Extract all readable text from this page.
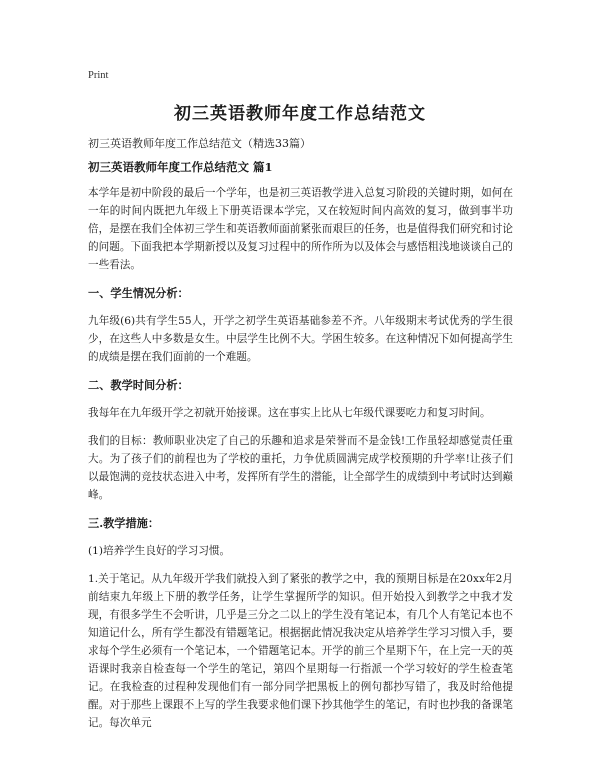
Print
初三英语教师年度工作总结范文
初三英语教师年度工作总结范文（精选33篇）

初三英语教师年度工作总结范文 篇1

本学年是初中阶段的最后一个学年，也是初三英语教学进入总复习阶段的关键时期，如何在一年的时间内既把九年级上下册英语课本学完，又在较短时间内高效的复习，做到事半功倍，是摆在我们全体初三学生和英语教师面前紧张而艰巨的任务，也是值得我们研究和讨论的问题。下面我把本学期新授以及复习过程中的所作所为以及体会与感悟粗浅地谈谈自己的一些看法。

一、学生情况分析：

九年级(6)共有学生55人，开学之初学生英语基础参差不齐。八年级期末考试优秀的学生很少，在这些人中多数是女生。中层学生比例不大。学困生较多。在这种情况下如何提高学生的成绩是摆在我们面前的一个难题。

二、教学时间分析：

我每年在九年级开学之初就开始接课。这在事实上比从七年级代课要吃力和复习时间。

我们的目标：教师职业决定了自己的乐趣和追求是荣誉而不是金钱!工作虽轻却感觉责任重大。为了孩子们的前程也为了学校的重托，力争优质圆满完成学校预期的升学率!让孩子们以最饱满的竞技状态进入中考，发挥所有学生的潜能，让全部学生的成绩到中考试时达到巅峰。

三.教学措施：

(1)培养学生良好的学习习惯。

1.关于笔记。从九年级开学我们就投入到了紧张的教学之中，我的预期目标是在20xx年2月前结束九年级上下册的教学任务，让学生掌握所学的知识。但开始投入到教学之中我才发现，有很多学生不会听讲，几乎是三分之二以上的学生没有笔记本，有几个人有笔记本也不知道记什么，所有学生都没有错题笔记。根据据此情况我决定从培养学生学习习惯入手，要求每个学生必须有一个笔记本，一个错题笔记本。开学的前三个星期下午，在上完一天的英语课时我亲自检查每一个学生的笔记，第四个星期每一行指派一个学习较好的学生检查笔记。在我检查的过程种发现他们有一部分同学把黑板上的例句都抄写错了，我及时给他提醒。对于那些上课跟不上写的学生我要求他们课下抄其他学生的笔记，有时也抄我的备课笔记。每次单元
